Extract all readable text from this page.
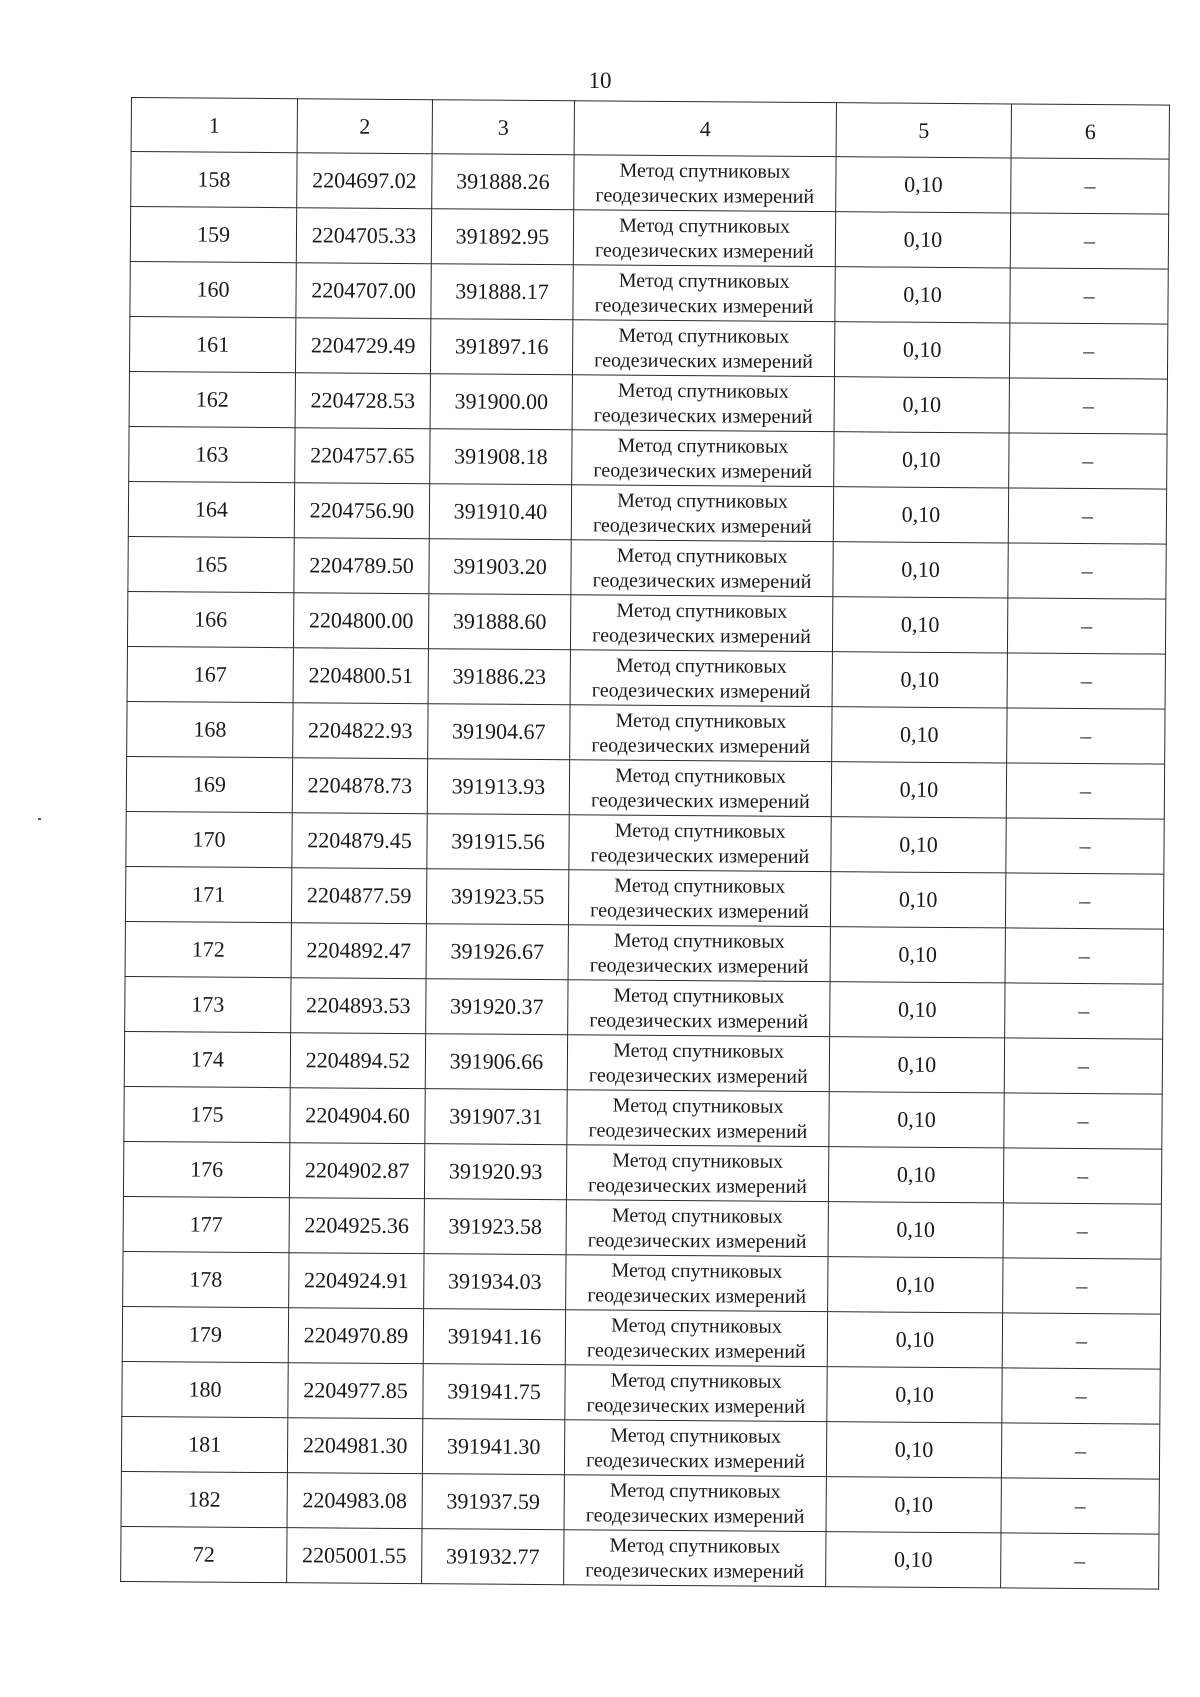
10
1	2	3	4	5	6
158	2204697.02	391888.26	Метод спутниковых
геодезических измерений	0,10	–
159	2204705.33	391892.95	Метод спутниковых
геодезических измерений	0,10	–
160	2204707.00	391888.17	Метод спутниковых
геодезических измерений	0,10	–
161	2204729.49	391897.16	Метод спутниковых
геодезических измерений	0,10	–
162	2204728.53	391900.00	Метод спутниковых
геодезических измерений	0,10	–
163	2204757.65	391908.18	Метод спутниковых
геодезических измерений	0,10	–
164	2204756.90	391910.40	Метод спутниковых
геодезических измерений	0,10	–
165	2204789.50	391903.20	Метод спутниковых
геодезических измерений	0,10	–
166	2204800.00	391888.60	Метод спутниковых
геодезических измерений	0,10	–
167	2204800.51	391886.23	Метод спутниковых
геодезических измерений	0,10	–
168	2204822.93	391904.67	Метод спутниковых
геодезических измерений	0,10	–
169	2204878.73	391913.93	Метод спутниковых
геодезических измерений	0,10	–
170	2204879.45	391915.56	Метод спутниковых
геодезических измерений	0,10	–
171	2204877.59	391923.55	Метод спутниковых
геодезических измерений	0,10	–
172	2204892.47	391926.67	Метод спутниковых
геодезических измерений	0,10	–
173	2204893.53	391920.37	Метод спутниковых
геодезических измерений	0,10	–
174	2204894.52	391906.66	Метод спутниковых
геодезических измерений	0,10	–
175	2204904.60	391907.31	Метод спутниковых
геодезических измерений	0,10	–
176	2204902.87	391920.93	Метод спутниковых
геодезических измерений	0,10	–
177	2204925.36	391923.58	Метод спутниковых
геодезических измерений	0,10	–
178	2204924.91	391934.03	Метод спутниковых
геодезических измерений	0,10	–
179	2204970.89	391941.16	Метод спутниковых
геодезических измерений	0,10	–
180	2204977.85	391941.75	Метод спутниковых
геодезических измерений	0,10	–
181	2204981.30	391941.30	Метод спутниковых
геодезических измерений	0,10	–
182	2204983.08	391937.59	Метод спутниковых
геодезических измерений	0,10	–
72	2205001.55	391932.77	Метод спутниковых
геодезических измерений	0,10	–
